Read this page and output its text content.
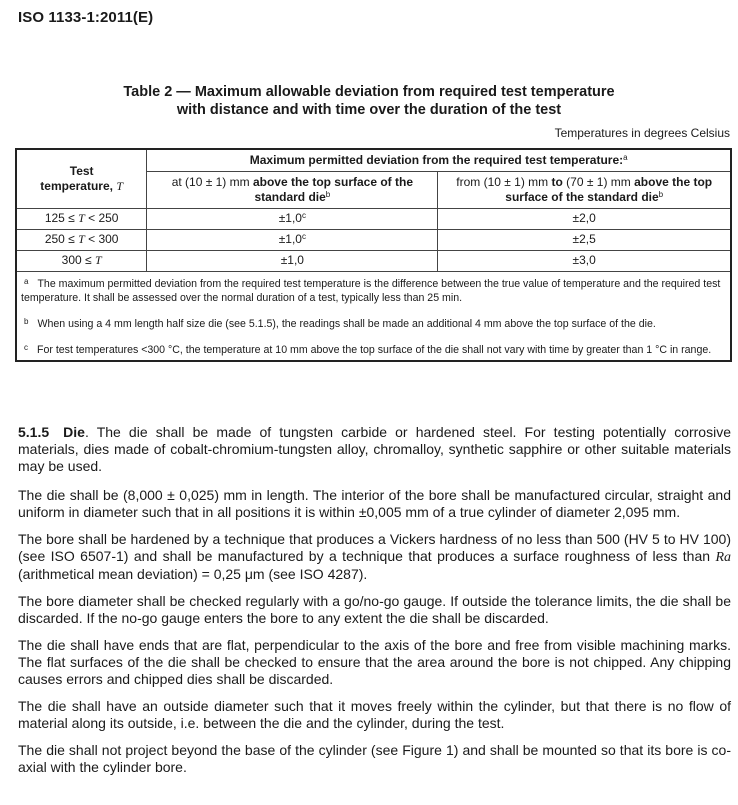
ISO 1133-1:2011(E)
Table 2 — Maximum allowable deviation from required test temperature
with distance and with time over the duration of the test
Temperatures in degrees Celsius
Test
temperature, T	Maximum permitted deviation from the required test temperature:$^a$
	at (10 ± 1) mm above the top surface of the standard die$^b$	from (10 ± 1) mm to (70 ± 1) mm above the top surface of the standard die$^b$
125 ≤ T < 250	±1,0$^c$	±2,0
250 ≤ T < 300	±1,0$^c$	±2,5
300 ≤ T	±1,0	±3,0
$^a$ The maximum permitted deviation from the required test temperature is the difference between the true value of temperature and the required test temperature. It shall be assessed over the normal duration of a test, typically less than 25 min.		
$^b$ When using a 4 mm length half size die (see 5.1.5), the readings shall be made an additional 4 mm above the top surface of the die.		
$^c$ For test temperatures <300 °C, the temperature at 10 mm above the top surface of the die shall not vary with time by greater than 1 °C in range.		

5.1.5 Die. The die shall be made of tungsten carbide or hardened steel. For testing potentially corrosive materials, dies made of cobalt-chromium-tungsten alloy, chromalloy, synthetic sapphire or other suitable materials may be used.

The die shall be (8,000 ± 0,025) mm in length. The interior of the bore shall be manufactured circular, straight and uniform in diameter such that in all positions it is within ±0,005 mm of a true cylinder of diameter 2,095 mm.

The bore shall be hardened by a technique that produces a Vickers hardness of no less than 500 (HV 5 to HV 100) (see ISO 6507-1) and shall be manufactured by a technique that produces a surface roughness of less than Ra (arithmetical mean deviation) = 0,25 μm (see ISO 4287).

The bore diameter shall be checked regularly with a go/no-go gauge. If outside the tolerance limits, the die shall be discarded. If the no-go gauge enters the bore to any extent the die shall be discarded.

The die shall have ends that are flat, perpendicular to the axis of the bore and free from visible machining marks. The flat surfaces of the die shall be checked to ensure that the area around the bore is not chipped. Any chipping causes errors and chipped dies shall be discarded.

The die shall have an outside diameter such that it moves freely within the cylinder, but that there is no flow of material along its outside, i.e. between the die and the cylinder, during the test.

The die shall not project beyond the base of the cylinder (see Figure 1) and shall be mounted so that its bore is co-axial with the cylinder bore.
